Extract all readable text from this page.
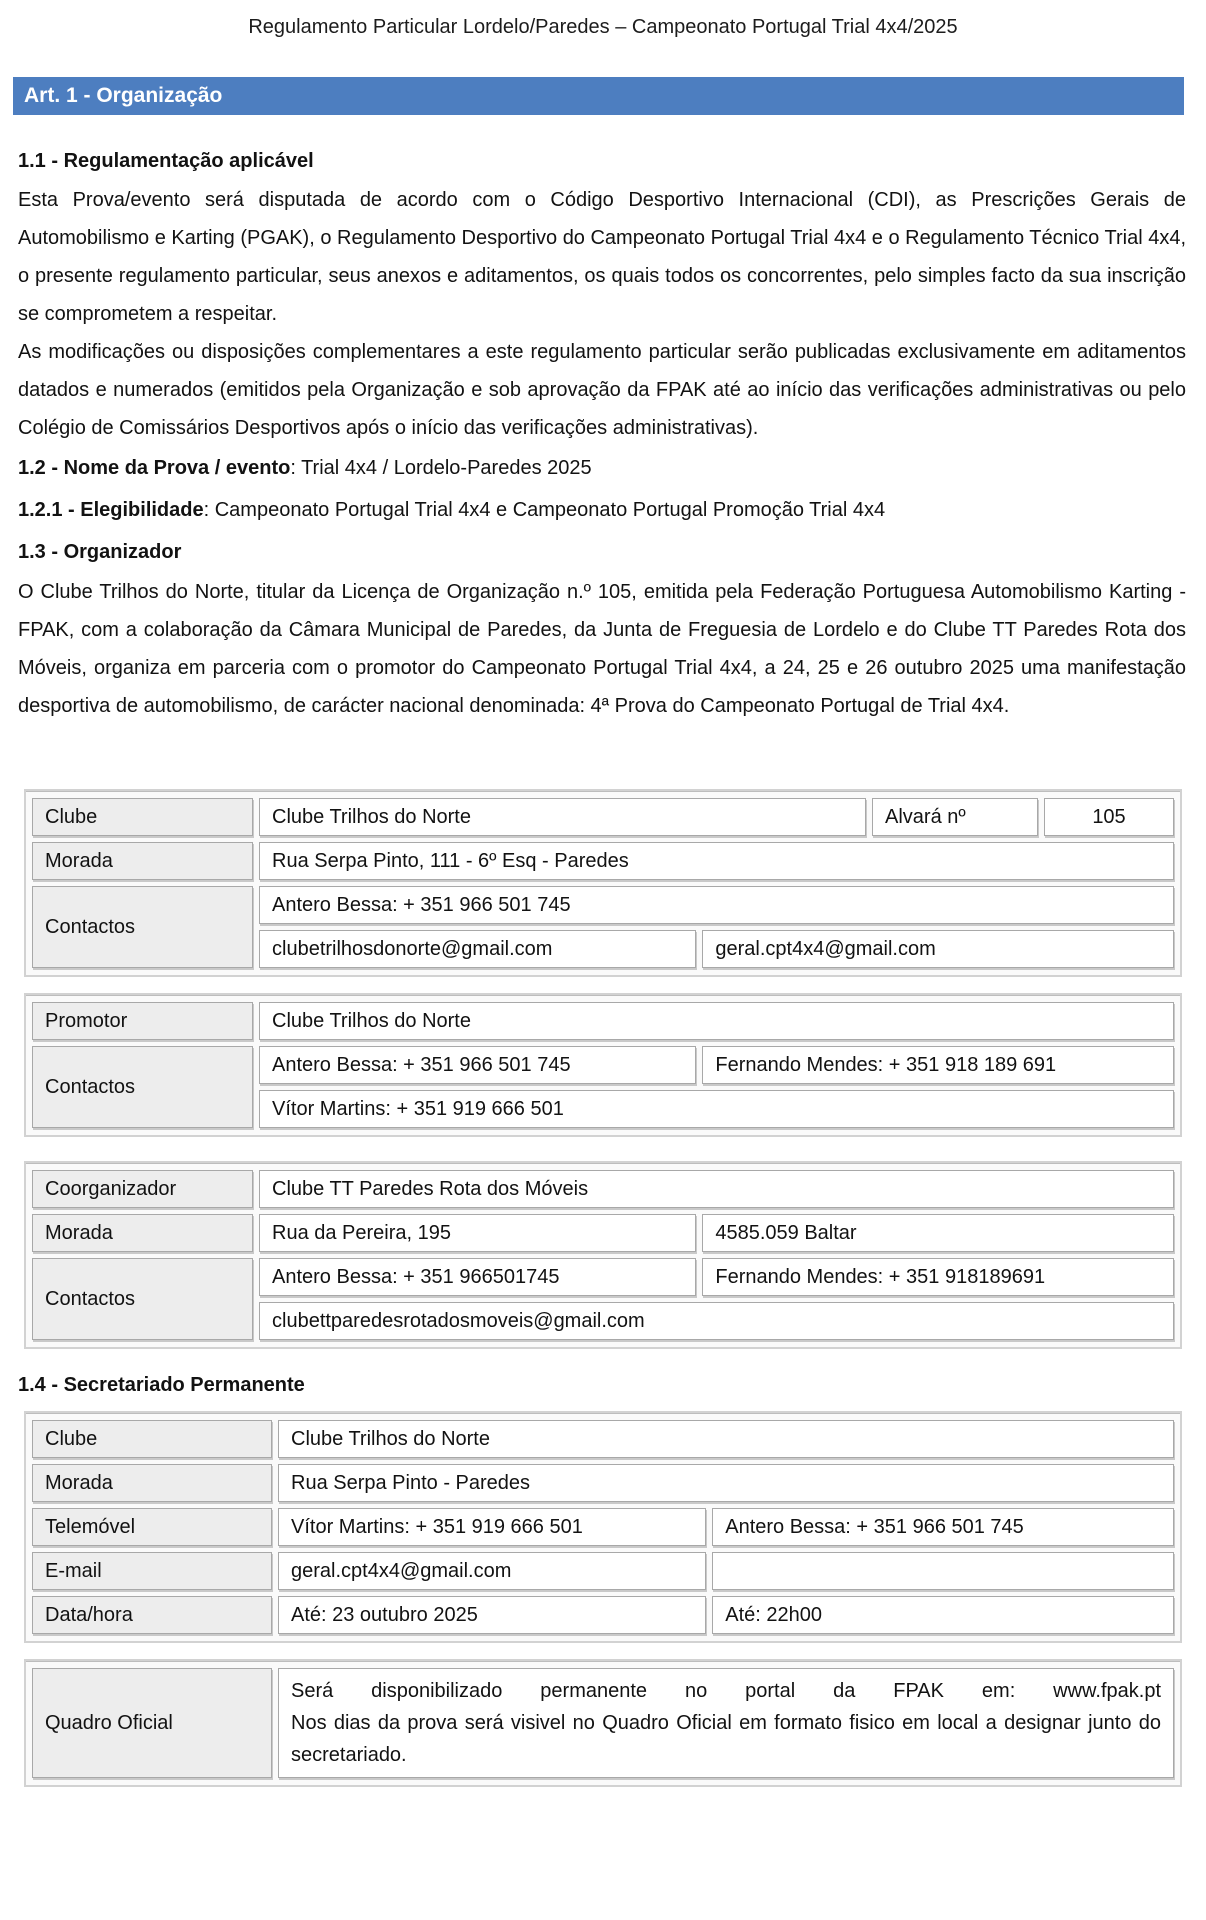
Regulamento Particular Lordelo/Paredes – Campeonato Portugal Trial 4x4/2025
Art. 1 - Organização
1.1 - Regulamentação aplicável

Esta Prova/evento será disputada de acordo com o Código Desportivo Internacional (CDI), as Prescrições Gerais de Automobilismo e Karting (PGAK), o Regulamento Desportivo do Campeonato Portugal Trial 4x4 e o Regulamento Técnico Trial 4x4, o presente regulamento particular, seus anexos e aditamentos, os quais todos os concorrentes, pelo simples facto da sua inscrição se comprometem a respeitar.

As modificações ou disposições complementares a este regulamento particular serão publicadas exclusivamente em aditamentos datados e numerados (emitidos pela Organização e sob aprovação da FPAK até ao início das verificações administrativas ou pelo Colégio de Comissários Desportivos após o início das verificações administrativas).

1.2 - Nome da Prova / evento: Trial 4x4 / Lordelo-Paredes 2025
1.2.1 - Elegibilidade: Campeonato Portugal Trial 4x4 e Campeonato Portugal Promoção Trial 4x4
1.3 - Organizador

O Clube Trilhos do Norte, titular da Licença de Organização n.º 105, emitida pela Federação Portuguesa Automobilismo Karting - FPAK, com a colaboração da Câmara Municipal de Paredes, da Junta de Freguesia de Lordelo e do Clube TT Paredes Rota dos Móveis, organiza em parceria com o promotor do Campeonato Portugal Trial 4x4, a 24, 25 e 26 outubro 2025 uma manifestação desportiva de automobilismo, de carácter nacional denominada: 4ª Prova do Campeonato Portugal de Trial 4x4.

Clube	Clube Trilhos do Norte	Alvará nº	105
Morada	Rua Serpa Pinto, 111 - 6º Esq - Paredes
Contactos
Antero Bessa: + 351 966 501 745
clubetrilhosdonorte@gmail.com	geral.cpt4x4@gmail.com
Promotor	Clube Trilhos do Norte
Contactos
Antero Bessa: + 351 966 501 745	Fernando Mendes: + 351 918 189 691
Vítor Martins: + 351 919 666 501
Coorganizador	Clube TT Paredes Rota dos Móveis
Morada	Rua da Pereira, 195	4585.059 Baltar
Contactos
Antero Bessa: + 351 966501745	Fernando Mendes: + 351 918189691
clubettparedesrotadosmoveis@gmail.com
1.4 - Secretariado Permanente
Clube	Clube Trilhos do Norte
Morada	Rua Serpa Pinto - Paredes
Telemóvel	Vítor Martins: + 351 919 666 501	Antero Bessa: + 351 966 501 745
E-mail	geral.cpt4x4@gmail.com
Data/hora	Até: 23 outubro 2025	Até: 22h00
Quadro Oficial
Será disponibilizado permanente no portal da FPAK em: www.fpak.pt
Nos dias da prova será visivel no Quadro Oficial em formato fisico em local a designar junto do secretariado.
